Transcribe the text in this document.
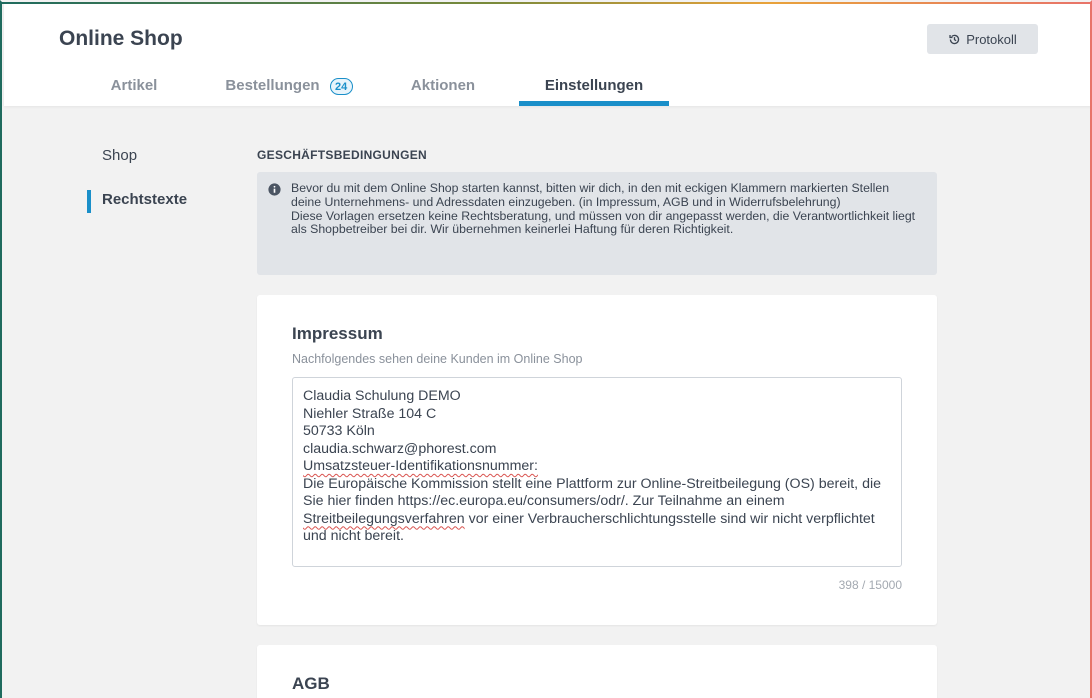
Online Shop	Protokoll
Artikel	Bestellungen	24	Aktionen	Einstellungen
Shop
Rechtstexte
GESCHÄFTSBEDINGUNGEN

Bevor du mit dem Online Shop starten kannst, bitten wir dich, in den mit eckigen Klammern markierten Stellen deine Unternehmens- und Adressdaten einzugeben. (in Impressum, AGB und in Widerrufsbelehrung)

Diese Vorlagen ersetzen keine Rechtsberatung, und müssen von dir angepasst werden, die Verantwortlichkeit liegt als Shopbetreiber bei dir. Wir übernehmen keinerlei Haftung für deren Richtigkeit.

Impressum
Nachfolgendes sehen deine Kunden im Online Shop
Claudia Schulung DEMO
Niehler Straße 104 C
50733 Köln
claudia.schwarz@phorest.com
Umsatzsteuer-Identifikationsnummer:
Die Europäische Kommission stellt eine Plattform zur Online-Streitbeilegung (OS) bereit, die Sie hier finden https://ec.europa.eu/consumers/odr/. Zur Teilnahme an einem Streitbeilegungsverfahren vor einer Verbraucherschlichtungsstelle sind wir nicht verpflichtet und nicht bereit.
398 / 15000
AGB
